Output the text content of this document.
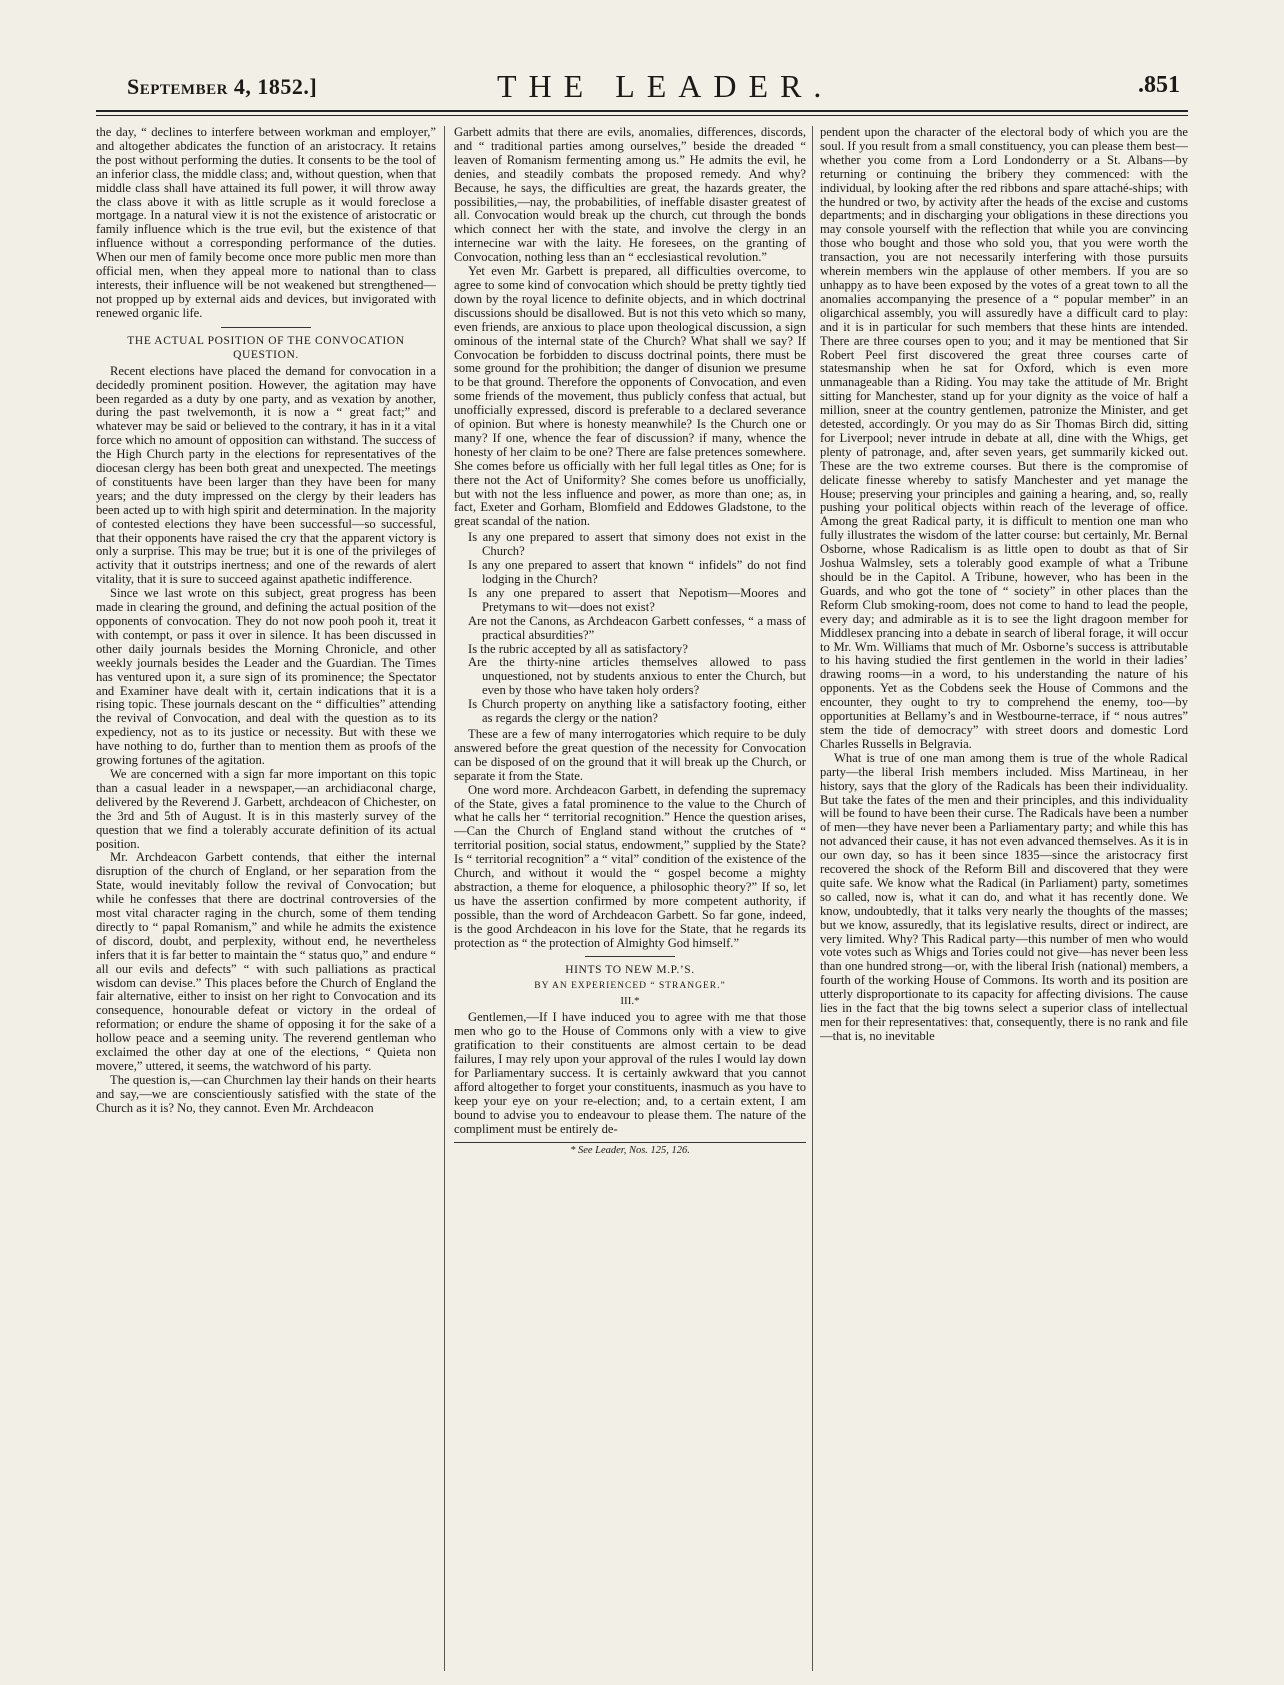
September 4, 1852.]	THE LEADER.	.851

the day, “ declines to interfere between workman and employer,” and altogether abdicates the function of an aristocracy. It retains the post without performing the duties. It consents to be the tool of an inferior class, the middle class; and, without question, when that middle class shall have attained its full power, it will throw away the class above it with as little scruple as it would foreclose a mortgage. In a natural view it is not the existence of aristocratic or family influence which is the true evil, but the existence of that influence without a corresponding performance of the duties. When our men of family become once more public men more than official men, when they appeal more to national than to class interests, their influence will be not weakened but strengthened—not propped up by external aids and devices, but invigorated with renewed organic life.

THE ACTUAL POSITION OF THE CONVOCATION QUESTION.

Recent elections have placed the demand for convocation in a decidedly prominent position. However, the agitation may have been regarded as a duty by one party, and as vexation by another, during the past twelvemonth, it is now a “ great fact;” and whatever may be said or believed to the contrary, it has in it a vital force which no amount of opposition can withstand. The success of the High Church party in the elections for representatives of the diocesan clergy has been both great and unexpected. The meetings of constituents have been larger than they have been for many years; and the duty impressed on the clergy by their leaders has been acted up to with high spirit and determination. In the majority of contested elections they have been successful—so successful, that their opponents have raised the cry that the apparent victory is only a surprise. This may be true; but it is one of the privileges of activity that it outstrips inertness; and one of the rewards of alert vitality, that it is sure to succeed against apathetic indifference.

Since we last wrote on this subject, great progress has been made in clearing the ground, and defining the actual position of the opponents of convocation. They do not now pooh pooh it, treat it with contempt, or pass it over in silence. It has been discussed in other daily journals besides the Morning Chronicle, and other weekly journals besides the Leader and the Guardian. The Times has ventured upon it, a sure sign of its prominence; the Spectator and Examiner have dealt with it, certain indications that it is a rising topic. These journals descant on the “ difficulties” attending the revival of Convocation, and deal with the question as to its expediency, not as to its justice or necessity. But with these we have nothing to do, further than to mention them as proofs of the growing fortunes of the agitation.

We are concerned with a sign far more important on this topic than a casual leader in a newspaper,—an archidiaconal charge, delivered by the Reverend J. Garbett, archdeacon of Chichester, on the 3rd and 5th of August. It is in this masterly survey of the question that we find a tolerably accurate definition of its actual position.

Mr. Archdeacon Garbett contends, that either the internal disruption of the church of England, or her separation from the State, would inevitably follow the revival of Convocation; but while he confesses that there are doctrinal controversies of the most vital character raging in the church, some of them tending directly to “ papal Romanism,” and while he admits the existence of discord, doubt, and perplexity, without end, he nevertheless infers that it is far better to maintain the “ status quo,” and endure “ all our evils and defects” “ with such palliations as practical wisdom can devise.” This places before the Church of England the fair alternative, either to insist on her right to Convocation and its consequence, honourable defeat or victory in the ordeal of reformation; or endure the shame of opposing it for the sake of a hollow peace and a seeming unity. The reverend gentleman who exclaimed the other day at one of the elections, “ Quieta non movere,” uttered, it seems, the watchword of his party.

The question is,—can Churchmen lay their hands on their hearts and say,—we are conscientiously satisfied with the state of the Church as it is? No, they cannot. Even Mr. Archdeacon

Garbett admits that there are evils, anomalies, differences, discords, and “ traditional parties among ourselves,” beside the dreaded “ leaven of Romanism fermenting among us.” He admits the evil, he denies, and steadily combats the proposed remedy. And why? Because, he says, the difficulties are great, the hazards greater, the possibilities,—nay, the probabilities, of ineffable disaster greatest of all. Convocation would break up the church, cut through the bonds which connect her with the state, and involve the clergy in an internecine war with the laity. He foresees, on the granting of Convocation, nothing less than an “ ecclesiastical revolution.”

Yet even Mr. Garbett is prepared, all difficulties overcome, to agree to some kind of convocation which should be pretty tightly tied down by the royal licence to definite objects, and in which doctrinal discussions should be disallowed. But is not this veto which so many, even friends, are anxious to place upon theological discussion, a sign ominous of the internal state of the Church? What shall we say? If Convocation be forbidden to discuss doctrinal points, there must be some ground for the prohibition; the danger of disunion we presume to be that ground. Therefore the opponents of Convocation, and even some friends of the movement, thus publicly confess that actual, but unofficially expressed, discord is preferable to a declared severance of opinion. But where is honesty meanwhile? Is the Church one or many? If one, whence the fear of discussion? if many, whence the honesty of her claim to be one? There are false pretences somewhere. She comes before us officially with her full legal titles as One; for is there not the Act of Uniformity? She comes before us unofficially, but with not the less influence and power, as more than one; as, in fact, Exeter and Gorham, Blomfield and Eddowes Gladstone, to the great scandal of the nation.

Is any one prepared to assert that simony does not exist in the Church?
Is any one prepared to assert that known “ infidels” do not find lodging in the Church?
Is any one prepared to assert that Nepotism—Moores and Pretymans to wit—does not exist?
Are not the Canons, as Archdeacon Garbett confesses, “ a mass of practical absurdities?”
Is the rubric accepted by all as satisfactory?
Are the thirty-nine articles themselves allowed to pass unquestioned, not by students anxious to enter the Church, but even by those who have taken holy orders?
Is Church property on anything like a satisfactory footing, either as regards the clergy or the nation?

These are a few of many interrogatories which require to be duly answered before the great question of the necessity for Convocation can be disposed of on the ground that it will break up the Church, or separate it from the State.

One word more. Archdeacon Garbett, in defending the supremacy of the State, gives a fatal prominence to the value to the Church of what he calls her “ territorial recognition.” Hence the question arises,—Can the Church of England stand without the crutches of “ territorial position, social status, endowment,” supplied by the State? Is “ territorial recognition” a “ vital” condition of the existence of the Church, and without it would the “ gospel become a mighty abstraction, a theme for eloquence, a philosophic theory?” If so, let us have the assertion confirmed by more competent authority, if possible, than the word of Archdeacon Garbett. So far gone, indeed, is the good Archdeacon in his love for the State, that he regards its protection as “ the protection of Almighty God himself.”

HINTS TO NEW M.P.’S.
BY AN EXPERIENCED “ STRANGER.”
III.*

Gentlemen,—If I have induced you to agree with me that those men who go to the House of Commons only with a view to give gratification to their constituents are almost certain to be dead failures, I may rely upon your approval of the rules I would lay down for Parliamentary success. It is certainly awkward that you cannot afford altogether to forget your constituents, inasmuch as you have to keep your eye on your re-election; and, to a certain extent, I am bound to advise you to endeavour to please them. The nature of the compliment must be entirely de-

* See Leader, Nos. 125, 126.

pendent upon the character of the electoral body of which you are the soul. If you result from a small constituency, you can please them best—whether you come from a Lord Londonderry or a St. Albans—by returning or continuing the bribery they commenced: with the individual, by looking after the red ribbons and spare attaché-ships; with the hundred or two, by activity after the heads of the excise and customs departments; and in discharging your obligations in these directions you may console yourself with the reflection that while you are convincing those who bought and those who sold you, that you were worth the transaction, you are not necessarily interfering with those pursuits wherein members win the applause of other members. If you are so unhappy as to have been exposed by the votes of a great town to all the anomalies accompanying the presence of a “ popular member” in an oligarchical assembly, you will assuredly have a difficult card to play: and it is in particular for such members that these hints are intended. There are three courses open to you; and it may be mentioned that Sir Robert Peel first discovered the great three courses carte of statesmanship when he sat for Oxford, which is even more unmanageable than a Riding. You may take the attitude of Mr. Bright sitting for Manchester, stand up for your dignity as the voice of half a million, sneer at the country gentlemen, patronize the Minister, and get detested, accordingly. Or you may do as Sir Thomas Birch did, sitting for Liverpool; never intrude in debate at all, dine with the Whigs, get plenty of patronage, and, after seven years, get summarily kicked out. These are the two extreme courses. But there is the compromise of delicate finesse whereby to satisfy Manchester and yet manage the House; preserving your principles and gaining a hearing, and, so, really pushing your political objects within reach of the leverage of office. Among the great Radical party, it is difficult to mention one man who fully illustrates the wisdom of the latter course: but certainly, Mr. Bernal Osborne, whose Radicalism is as little open to doubt as that of Sir Joshua Walmsley, sets a tolerably good example of what a Tribune should be in the Capitol. A Tribune, however, who has been in the Guards, and who got the tone of “ society” in other places than the Reform Club smoking-room, does not come to hand to lead the people, every day; and admirable as it is to see the light dragoon member for Middlesex prancing into a debate in search of liberal forage, it will occur to Mr. Wm. Williams that much of Mr. Osborne’s success is attributable to his having studied the first gentlemen in the world in their ladies’ drawing rooms—in a word, to his understanding the nature of his opponents. Yet as the Cobdens seek the House of Commons and the encounter, they ought to try to comprehend the enemy, too—by opportunities at Bellamy’s and in Westbourne-terrace, if “ nous autres” stem the tide of democracy” with street doors and domestic Lord Charles Russells in Belgravia.

What is true of one man among them is true of the whole Radical party—the liberal Irish members included. Miss Martineau, in her history, says that the glory of the Radicals has been their individuality. But take the fates of the men and their principles, and this individuality will be found to have been their curse. The Radicals have been a number of men—they have never been a Parliamentary party; and while this has not advanced their cause, it has not even advanced themselves. As it is in our own day, so has it been since 1835—since the aristocracy first recovered the shock of the Reform Bill and discovered that they were quite safe. We know what the Radical (in Parliament) party, sometimes so called, now is, what it can do, and what it has recently done. We know, undoubtedly, that it talks very nearly the thoughts of the masses; but we know, assuredly, that its legislative results, direct or indirect, are very limited. Why? This Radical party—this number of men who would vote votes such as Whigs and Tories could not give—has never been less than one hundred strong—or, with the liberal Irish (national) members, a fourth of the working House of Commons. Its worth and its position are utterly disproportionate to its capacity for affecting divisions. The cause lies in the fact that the big towns select a superior class of intellectual men for their representatives: that, consequently, there is no rank and file—that is, no inevitable
